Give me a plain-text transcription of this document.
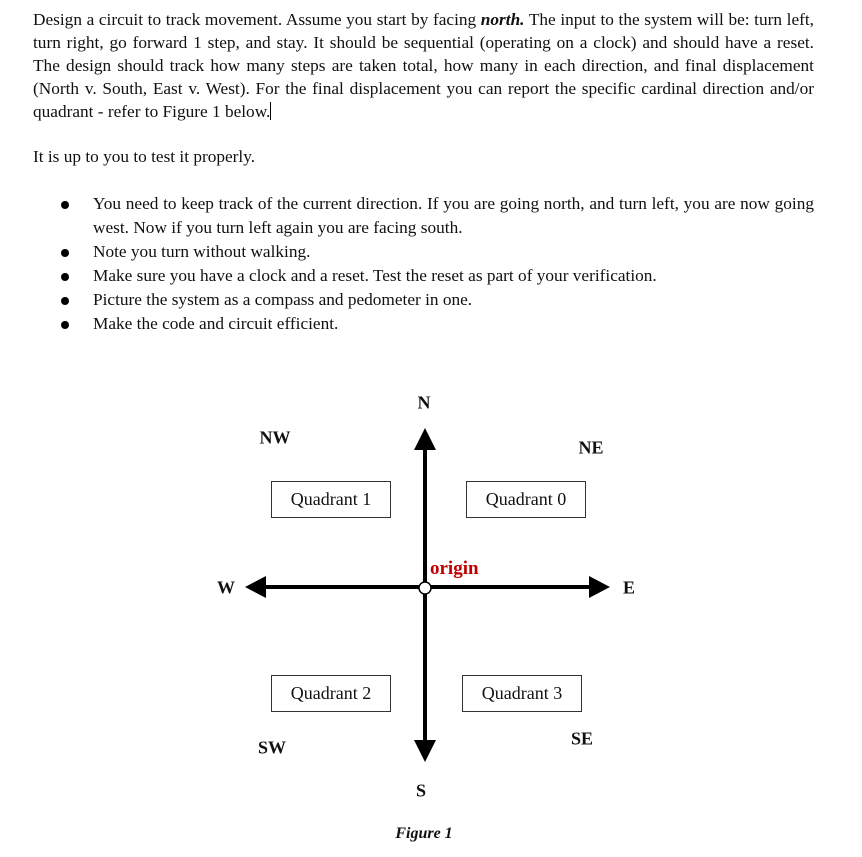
Design a circuit to track movement. Assume you start by facing north. The input to the system will be: turn left, turn right, go forward 1 step, and stay. It should be sequential (operating on a clock) and should have a reset. The design should track how many steps are taken total, how many in each direction, and final displacement (North v. South, East v. West). For the final displacement you can report the specific cardinal direction and/or quadrant - refer to Figure 1 below.

It is up to you to test it properly.

You need to keep track of the current direction. If you are going north, and turn left, you are now going west. Now if you turn left again you are facing south.
Note you turn without walking.
Make sure you have a clock and a reset. Test the reset as part of your verification.
Picture the system as a compass and pedometer in one.
Make the code and circuit efficient.
N
NW	NE
W	E
SE
SW
S
Quadrant 0
Quadrant 1
Quadrant 2	Quadrant 3
origin
Figure 1
